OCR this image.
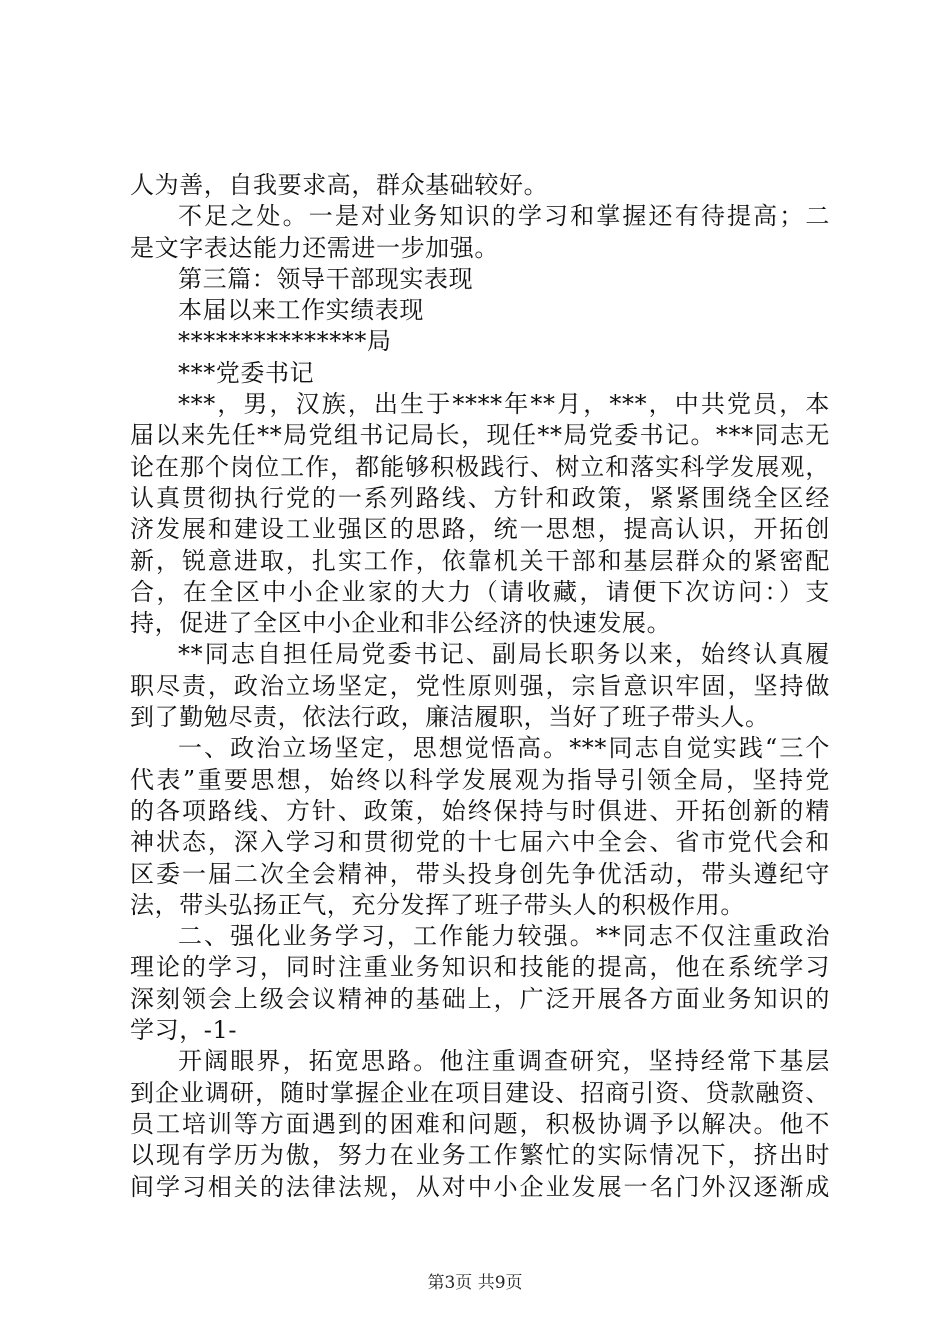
人为善，自我要求高，群众基础较好。
不足之处。一是对业务知识的学习和掌握还有待提高；二
是文字表达能力还需进一步加强。
第三篇：领导干部现实表现
本届以来工作实绩表现
***************局
***党委书记
***，男，汉族，出生于****年**月，***，中共党员，本
届以来先任**局党组书记局长，现任**局党委书记。***同志无
论在那个岗位工作，都能够积极践行、树立和落实科学发展观，
认真贯彻执行党的一系列路线、方针和政策，紧紧围绕全区经
济发展和建设工业强区的思路，统一思想，提高认识，开拓创
新，锐意进取，扎实工作，依靠机关干部和基层群众的紧密配
合，在全区中小企业家的大力（请收藏，请便下次访问：）支
持，促进了全区中小企业和非公经济的快速发展。
**同志自担任局党委书记、副局长职务以来，始终认真履
职尽责，政治立场坚定，党性原则强，宗旨意识牢固，坚持做
到了勤勉尽责，依法行政，廉洁履职，当好了班子带头人。
一、政治立场坚定，思想觉悟高。***同志自觉实践“三个
代表”重要思想，始终以科学发展观为指导引领全局，坚持党
的各项路线、方针、政策，始终保持与时俱进、开拓创新的精
神状态，深入学习和贯彻党的十七届六中全会、省市党代会和
区委一届二次全会精神，带头投身创先争优活动，带头遵纪守
法，带头弘扬正气，充分发挥了班子带头人的积极作用。
二、强化业务学习，工作能力较强。**同志不仅注重政治
理论的学习，同时注重业务知识和技能的提高，他在系统学习
深刻领会上级会议精神的基础上，广泛开展各方面业务知识的
学习，-1-
开阔眼界，拓宽思路。他注重调查研究，坚持经常下基层
到企业调研，随时掌握企业在项目建设、招商引资、贷款融资、
员工培训等方面遇到的困难和问题，积极协调予以解决。他不
以现有学历为傲，努力在业务工作繁忙的实际情况下，挤出时
间学习相关的法律法规，从对中小企业发展一名门外汉逐渐成
第3页 共9页
